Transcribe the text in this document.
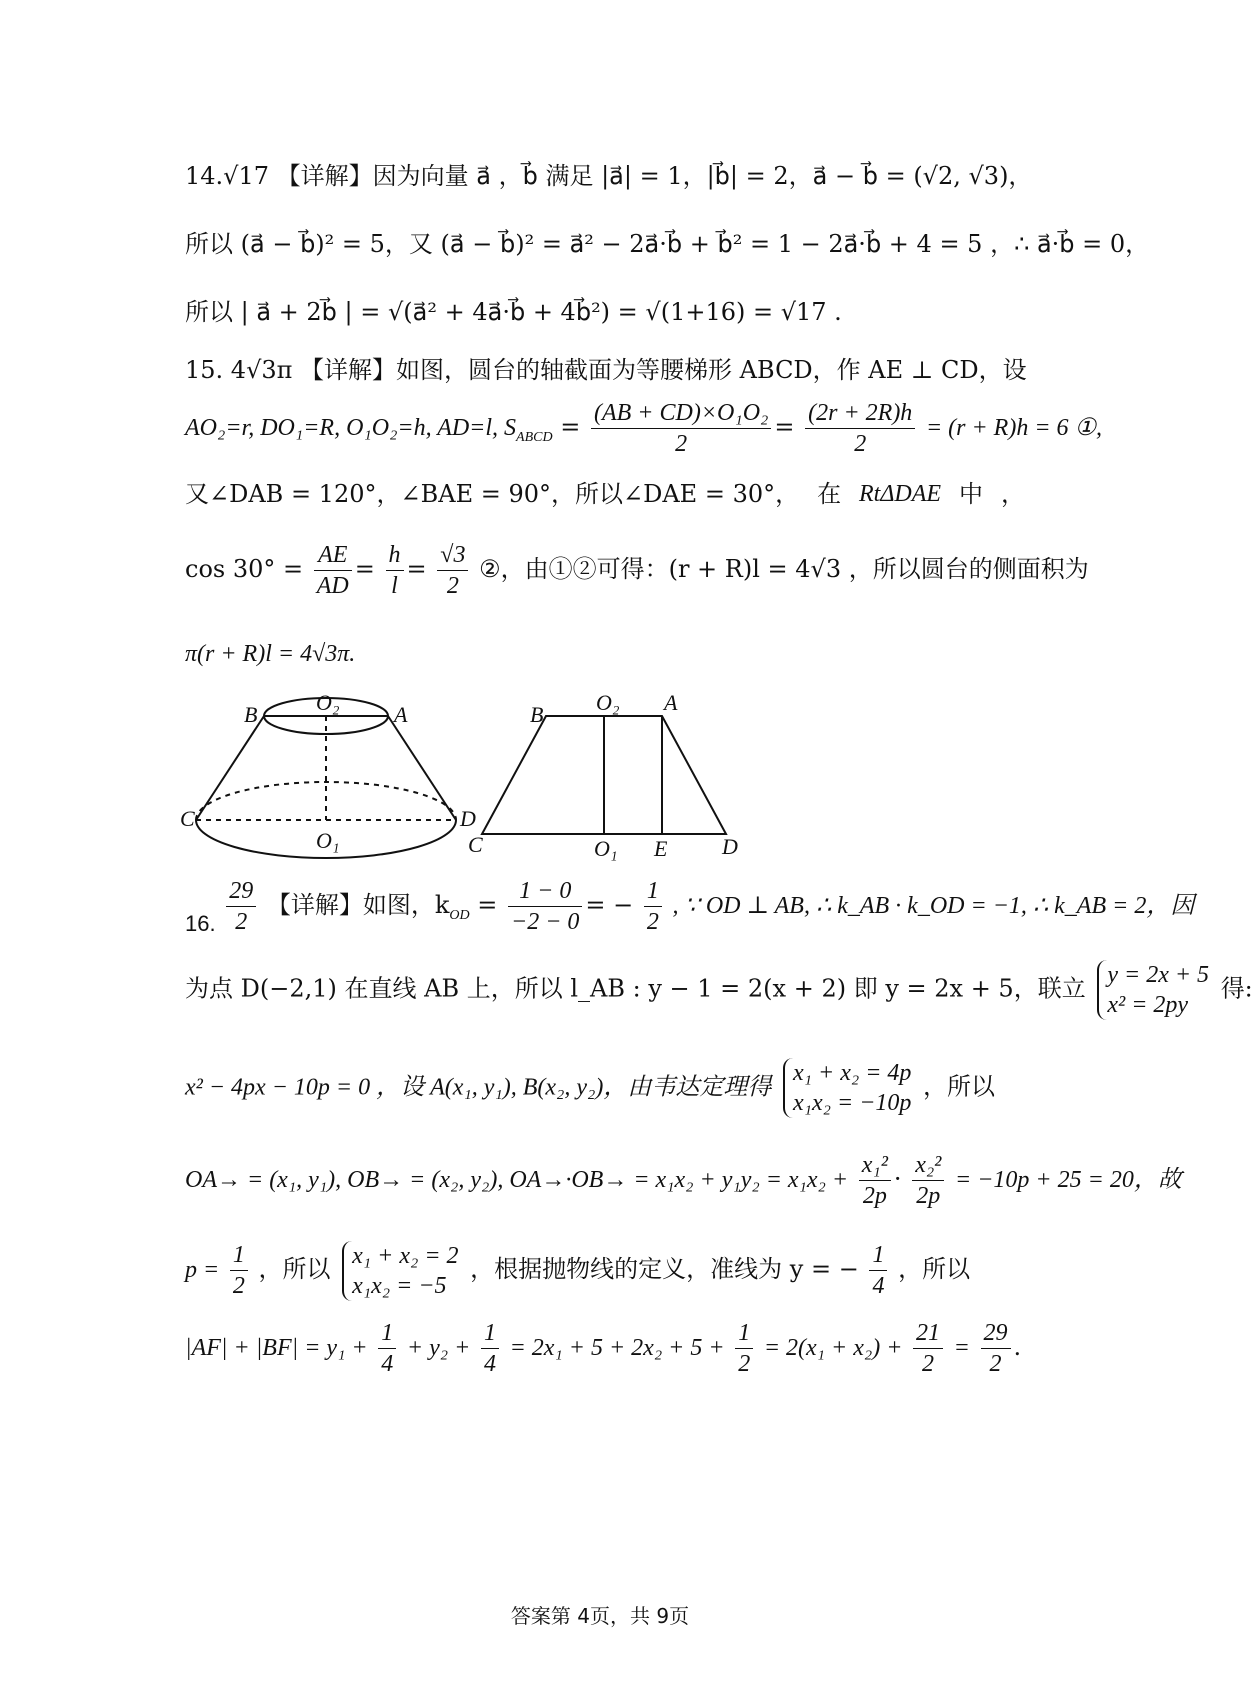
14.√17 【详解】因为向量 a⃗ ，b⃗ 满足 |a⃗| = 1，|b⃗| = 2，a⃗ − b⃗ = (√2, √3)，
所以 (a⃗ − b⃗)² = 5，又 (a⃗ − b⃗)² = a⃗² − 2a⃗·b⃗ + b⃗² = 1 − 2a⃗·b⃗ + 4 = 5 ，∴ a⃗·b⃗ = 0，
所以 | a⃗ + 2b⃗ | = √(a⃗² + 4a⃗·b⃗ + 4b⃗²) = √(1+16) = √17 .
15. 4√3π 【详解】如图，圆台的轴截面为等腰梯形 ABCD，作 AE ⊥ CD，设
AO₂=r, DO₁=R, O₁O₂=h, AD=l, $S_{ABCD} = \frac{\text{(AB + CD)×O₁O₂}}{2} = \frac{(2r + 2R)h}{2} = (r + R)h = 6$ ①,
又∠DAB = 120°，∠BAE = 90°，所以∠DAE = 30°， 在 RtΔDAE 中 ，
$\cos 30^\circ = \frac{AE}{AD} = \frac{h}{l} = \frac{√3}{2}$ ②，由①②可得：(r + R)l = 4√3 ，所以圆台的侧面积为
π(r + R)l = 4√3π.
B	O₂ A
C	D
O₁
B O₂ A
C	O₁ E D
16. $\frac{29}{2}$ 【详解】如图，$k_{OD} = \frac{1 - 0}{-2 - 0}$ = − $\frac{1}{2}$ , ∵ OD ⊥ AB, ∴ k_AB · k_OD = −1, ∴ k_AB = 2，因
为点 D(−2,1) 在直线 AB 上，所以 l_AB : y − 1 = 2(x + 2) 即 y = 2x + 5，联立 y = 2x + 5
x² = 2py
得:
x² − 4px − 10p = 0 ，设 A(x₁, y₁), B(x₂, y₂)，由韦达定理得
x₁ + x₂ = 4p
x₁x₂ = −10p
，所以
OA→ = (x₁, y₁), OB→ = (x₂, y₂), $OA\to\cdot OB\to = x_1x_2 + y_1y_2 = x_1x_2 + \frac{\text{x₁²}}{2p} \cdot \frac{\text{x₂²}}{2p} = -10p + 25 = 20$，故
$p = \frac{1}{2}$ ，所以 x₁ + x₂ = 2
x₁x₂ = −5
，根据抛物线的定义，准线为 y = − $\frac{1}{4}$ ，所以
$|AF| + |BF| = y_1 + \frac{1}{4} + y_2 + \frac{1}{4} = 2x_1 + 5 + 2x_2 + 5 + \frac{1}{2} = 2(x_1 + x_2) + \frac{21}{2} = \frac{29}{2}$ .
答案第 4页，共 9页
